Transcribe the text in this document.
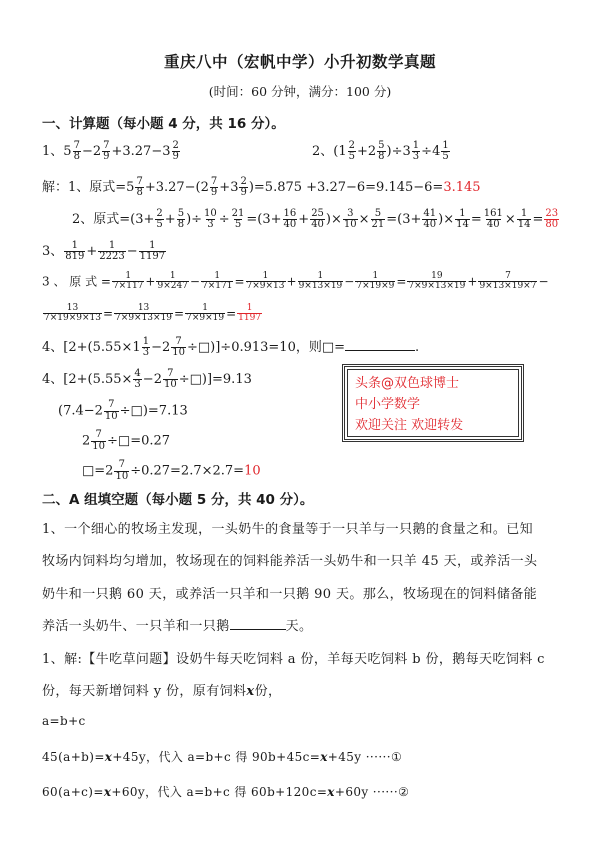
重庆八中（宏帆中学）小升初数学真题
(时间：60 分钟，满分：100 分)
一、计算题（每小题 4 分，共 16 分）。
1、$5 \frac{7}{8} -2 \frac{7}{9} +3.27-3 \frac{2}{9}$	2、$(1 \frac{2}{5} +2 \frac{5}{8} )\div 3 \frac{1}{3} \div 4 \frac{1}{5}$
解：1、原式$=5 \frac{7}{8} +3.27-(2 \frac{7}{9} +3 \frac{2}{9} )=5.875 +3.27-6=9.145-6=3.145$
2、原式$=(3+ \frac{2}{5} + \frac{5}{8}$ )÷ $\frac{10}{3} \div \frac{21}{5} =(3+ \frac{16}{40} + \frac{25}{40}$ )× $\frac{3}{10} \times \frac{5}{21} =(3+ \frac{41}{40}$ )× $\frac{1}{14} = \frac{161}{40} \times \frac{1}{14} = \frac{23}{80}$
3、 $\frac{1}{819} + \frac{1}{2223} - \frac{1}{1197}$
3 、 原 式 = $\frac{1}{7\times 117} + \frac{1}{9\times 247} - \frac{1}{7\times 171} = \frac{1}{7\times 9\times 13} + \frac{1}{9\times 13\times 19} - \frac{1}{7\times 19\times 9} = \frac{19}{7\times 9\times 13\times 19} + \frac{7}{9\times 13\times 19\times 7}$ −
$\frac{13}{7\times 19\times 9\times 13} = \frac{13}{7\times 9\times 13\times 19} = \frac{1}{7\times 9\times 19} = \frac{1}{1197}$
4、[$2+(5.55\times 1 \frac{1}{3} -2 \frac{7}{10}$ ÷□)]÷0.913=10，则□=	.
4、[$2+(5.55\times \frac{4}{3} -2 \frac{7}{10}$ ÷□)]=9.13
($7.4-2 \frac{7}{10}$ ÷□)=7.13
$2 \frac{7}{10}$ ÷□=0.27
□=2 $\frac{7}{10} \div 0.27=2.7\times 2.7=10$
头条@双色球博士
中小学数学
欢迎关注 欢迎转发
二、A 组填空题（每小题 5 分，共 40 分）。
1、一个细心的牧场主发现，一头奶牛的食量等于一只羊与一只鹅的食量之和。已知
牧场内饲料均匀增加，牧场现在的饲料能养活一头奶牛和一只羊 45 天，或养活一头
奶牛和一只鹅 60 天，或养活一只羊和一只鹅 90 天。那么，牧场现在的饲料储备能
养活一头奶牛、一只羊和一只鹅	天。
1、解:【牛吃草问题】设奶牛每天吃饲料 a 份，羊每天吃饲料 b 份，鹅每天吃饲料 c
份，每天新增饲料 y 份，原有饲料x份，
a=b+c
45(a+b)=x+45y，代入 a=b+c 得 90b+45c=x+45y ······①
60(a+c)=x+60y，代入 a=b+c 得 60b+120c=x+60y ······②
